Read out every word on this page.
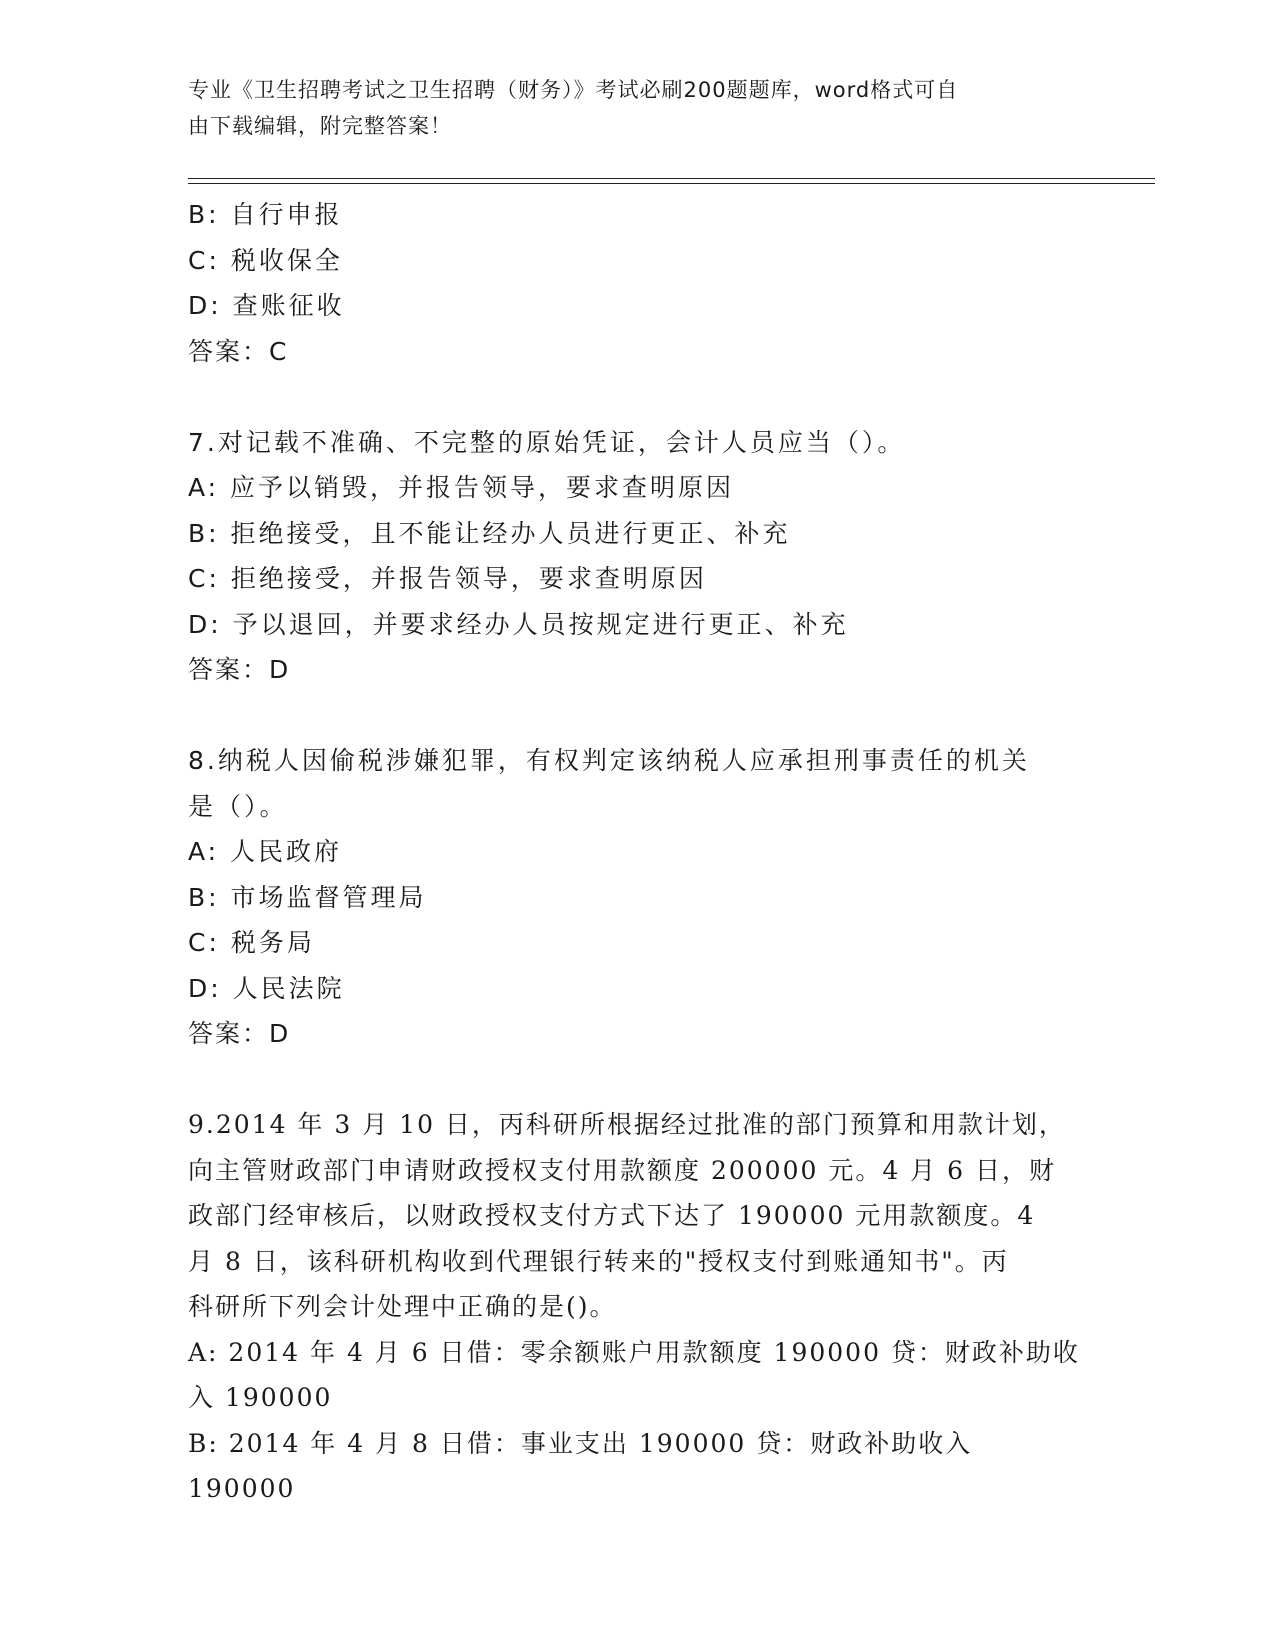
专业《卫生招聘考试之卫生招聘（财务）》考试必刷200题题库，word格式可自
由下载编辑，附完整答案！
B: 自行申报
C: 税收保全
D: 查账征收
答案：C
7.对记载不准确、不完整的原始凭证，会计人员应当（）。
A: 应予以销毁，并报告领导，要求查明原因
B: 拒绝接受，且不能让经办人员进行更正、补充
C: 拒绝接受，并报告领导，要求查明原因
D: 予以退回，并要求经办人员按规定进行更正、补充
答案：D
8.纳税人因偷税涉嫌犯罪，有权判定该纳税人应承担刑事责任的机关
是（）。
A: 人民政府
B: 市场监督管理局
C: 税务局
D: 人民法院
答案：D
9.2014 年 3 月 10 日，丙科研所根据经过批准的部门预算和用款计划，
向主管财政部门申请财政授权支付用款额度 200000 元。4 月 6 日，财
政部门经审核后，以财政授权支付方式下达了 190000 元用款额度。4
月 8 日，该科研机构收到代理银行转来的"授权支付到账通知书"。丙
科研所下列会计处理中正确的是()。
A: 2014 年 4 月 6 日借：零余额账户用款额度 190000 贷：财政补助收
入 190000
B: 2014 年 4 月 8 日借：事业支出 190000 贷：财政补助收入 190000
